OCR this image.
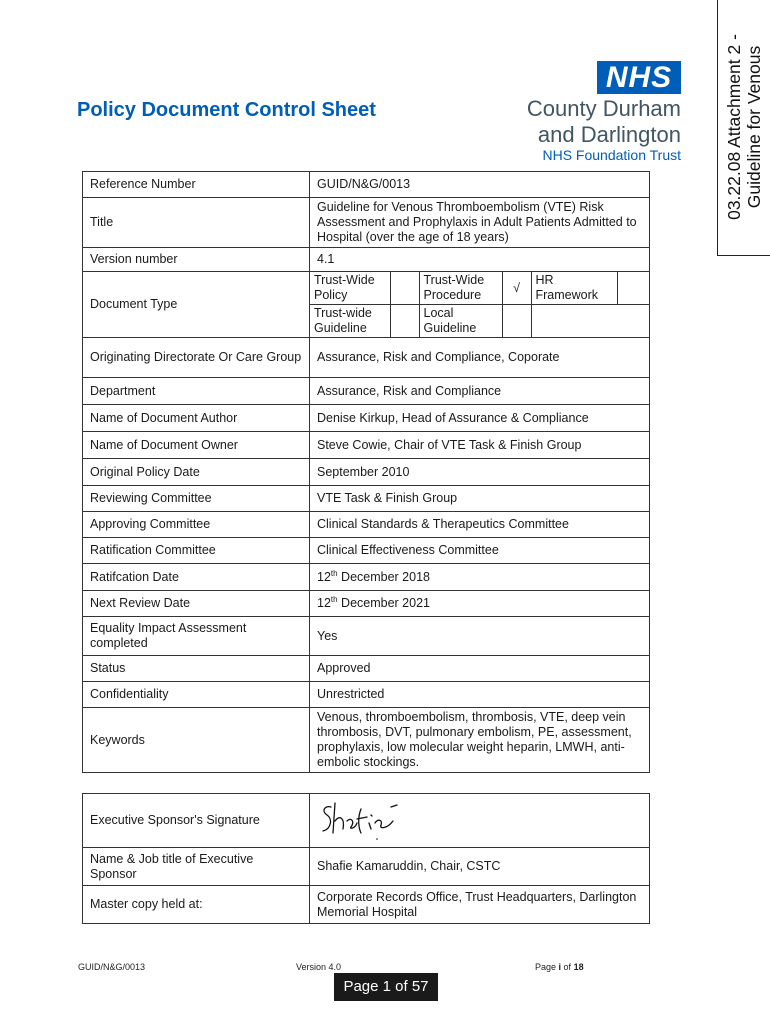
03.22.08 Attachment 2 - Guideline for Venous
Policy Document Control Sheet
NHS
County Durham
and Darlington
NHS Foundation Trust
Reference Number	GUID/N&G/0013
Title	Guideline for Venous Thromboembolism (VTE) Risk Assessment and Prophylaxis in Adult Patients Admitted to Hospital (over the age of 18 years)
Version number	4.1
Document Type	
Trust-Wide Policy		Trust-Wide Procedure	√	HR Framework	
Trust-wide Guideline		Local Guideline		

Originating Directorate Or Care Group	Assurance, Risk and Compliance, Coporate
Department	Assurance, Risk and Compliance
Name of Document Author	Denise Kirkup, Head of Assurance & Compliance
Name of Document Owner	Steve Cowie, Chair of VTE Task & Finish Group
Original Policy Date	September 2010
Reviewing Committee	VTE Task & Finish Group
Approving Committee	Clinical Standards & Therapeutics Committee
Ratification Committee	Clinical Effectiveness Committee
Ratifcation Date	12th December 2018
Next Review Date	12th December 2021
Equality Impact Assessment completed	Yes
Status	Approved
Confidentiality	Unrestricted
Keywords	Venous, thromboembolism, thrombosis, VTE, deep vein thrombosis, DVT, pulmonary embolism, PE, assessment, prophylaxis, low molecular weight heparin, LMWH, anti-embolic stockings.
Executive Sponsor's Signature	

Name & Job title of Executive Sponsor	Shafie Kamaruddin, Chair, CSTC
Master copy held at:	Corporate Records Office, Trust Headquarters, Darlington Memorial Hospital
GUID/N&G/0013	Version 4.0	Page i of 18
Page 1 of 57
